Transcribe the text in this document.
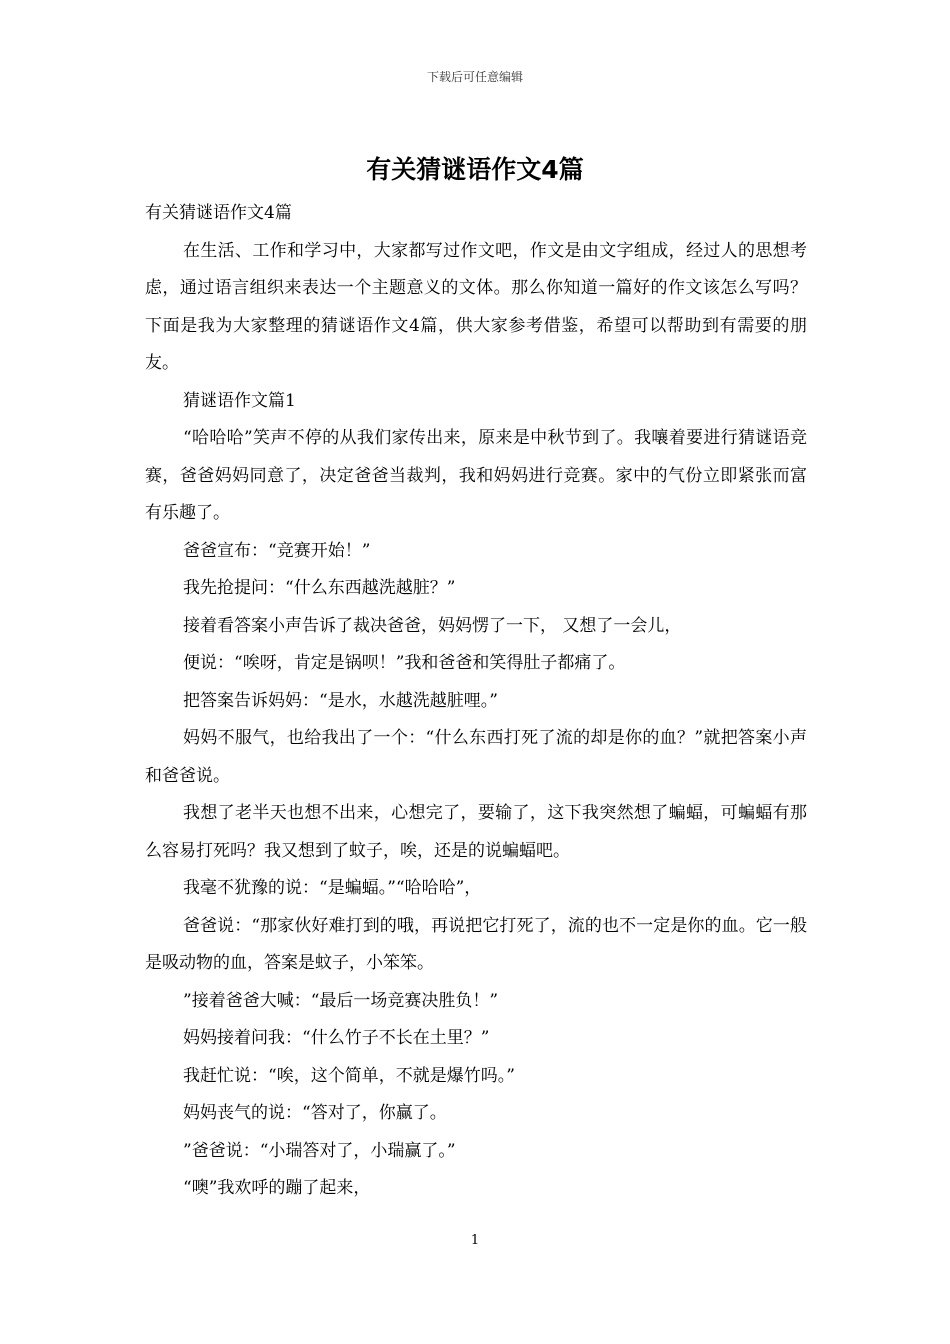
下载后可任意编辑
有关猜谜语作文4篇

有关猜谜语作文4篇

在生活、工作和学习中，大家都写过作文吧，作文是由文字组成，经过人的思想考虑，通过语言组织来表达一个主题意义的文体。那么你知道一篇好的作文该怎么写吗？下面是我为大家整理的猜谜语作文4篇，供大家参考借鉴，希望可以帮助到有需要的朋友。

猜谜语作文篇1

“哈哈哈”笑声不停的从我们家传出来，原来是中秋节到了。我嚷着要进行猜谜语竞赛，爸爸妈妈同意了，决定爸爸当裁判，我和妈妈进行竞赛。家中的气份立即紧张而富有乐趣了。

爸爸宣布：“竞赛开始！”

我先抢提问：“什么东西越洗越脏？”

接着看答案小声告诉了裁决爸爸，妈妈愣了一下， 又想了一会儿，

便说：“唉呀，肯定是锅呗！”我和爸爸和笑得肚子都痛了。

把答案告诉妈妈：“是水，水越洗越脏哩。”

妈妈不服气，也给我出了一个：“什么东西打死了流的却是你的血？”就把答案小声和爸爸说。

我想了老半天也想不出来，心想完了，要输了，这下我突然想了蝙蝠，可蝙蝠有那么容易打死吗？我又想到了蚊子，唉，还是的说蝙蝠吧。

我毫不犹豫的说：“是蝙蝠。”“哈哈哈”，

爸爸说：“那家伙好难打到的哦，再说把它打死了，流的也不一定是你的血。它一般是吸动物的血，答案是蚊子，小笨笨。

”接着爸爸大喊：“最后一场竞赛决胜负！”

妈妈接着问我：“什么竹子不长在土里？”

我赶忙说：“唉，这个简单，不就是爆竹吗。”

妈妈丧气的说：“答对了，你赢了。

”爸爸说：“小瑞答对了，小瑞赢了。”

“噢”我欢呼的蹦了起来，

1
